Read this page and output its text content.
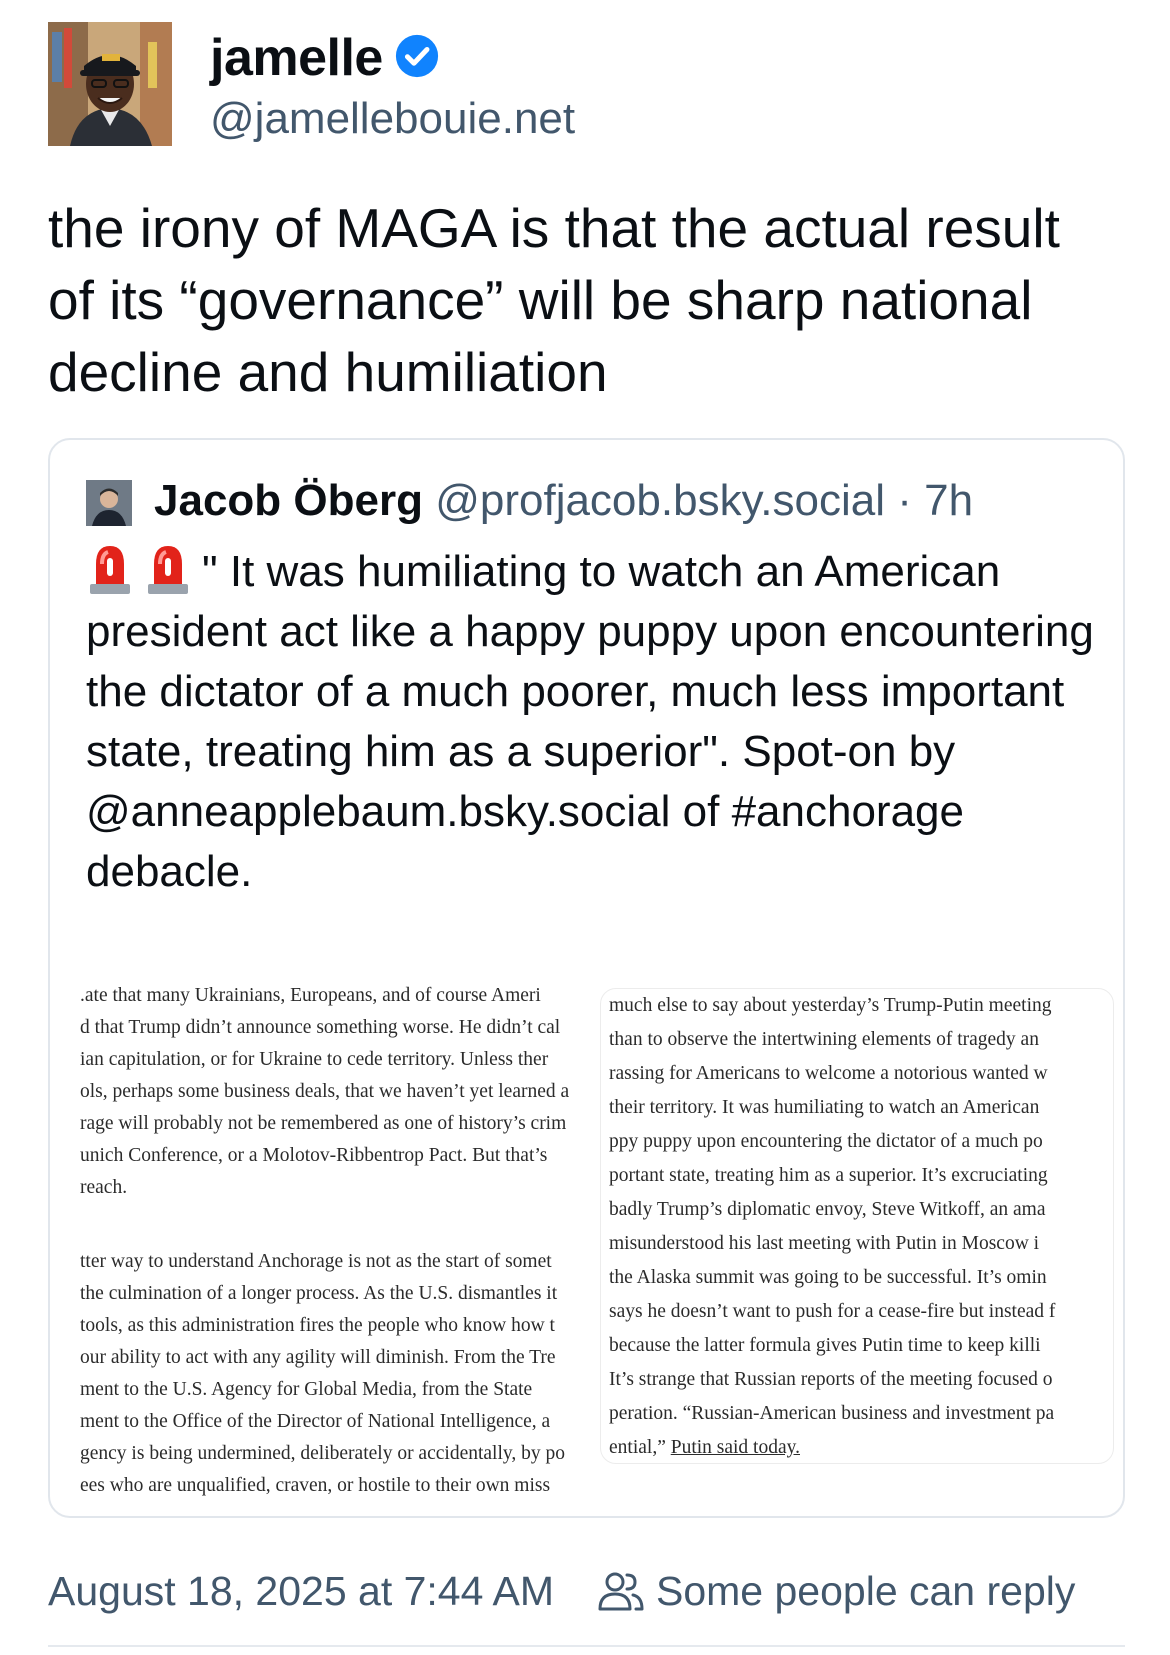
jamelle
@jamellebouie.net

the irony of MAGA is that the actual result of its “governance” will be sharp national decline and humiliation

Jacob Öberg @profjacob.bsky.social · 7h

" It was humiliating to watch an American president act like a happy puppy upon encountering the dictator of a much poorer, much less important state, treating him as a superior". Spot-on by @anneapplebaum.bsky.social of #anchorage debacle.

.ate that many Ukrainians, Europeans, and of course Ameri

d that Trump didn’t announce something worse. He didn’t cal

ian capitulation, or for Ukraine to cede territory. Unless ther

ols, perhaps some business deals, that we haven’t yet learned a

rage will probably not be remembered as one of history’s crim

unich Conference, or a Molotov-Ribbentrop Pact. But that’s

reach.

tter way to understand Anchorage is not as the start of somet

the culmination of a longer process. As the U.S. dismantles it

tools, as this administration fires the people who know how t

our ability to act with any agility will diminish. From the Tre

ment to the U.S. Agency for Global Media, from the State

ment to the Office of the Director of National Intelligence, a

gency is being undermined, deliberately or accidentally, by po

ees who are unqualified, craven, or hostile to their own miss

much else to say about yesterday’s Trump-Putin meeting

than to observe the intertwining elements of tragedy an

rassing for Americans to welcome a notorious wanted w

their territory. It was humiliating to watch an American

ppy puppy upon encountering the dictator of a much po

portant state, treating him as a superior. It’s excruciating

badly Trump’s diplomatic envoy, Steve Witkoff, an ama

misunderstood his last meeting with Putin in Moscow i

the Alaska summit was going to be successful. It’s omin

says he doesn’t want to push for a cease-fire but instead f

because the latter formula gives Putin time to keep killi

It’s strange that Russian reports of the meeting focused o

peration. “Russian-American business and investment pa

ential,” Putin said today.

August 18, 2025 at 7:44 AM Some people can reply
